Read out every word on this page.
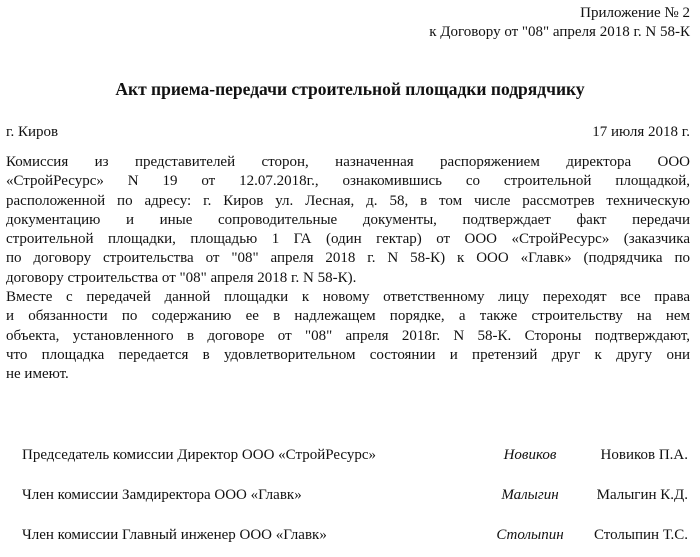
Приложение № 2
к Договору от "08" апреля 2018 г. N 58-К
Акт приема-передачи строительной площадки подрядчику
г. Киров	17 июля 2018 г.
Комиссия из представителей сторон, назначенная распоряжением директора ООО
«СтройРесурс» N 19 от 12.07.2018г., ознакомившись со строительной площадкой,
расположенной по адресу: г. Киров ул. Лесная, д. 58, в том числе рассмотрев техническую
документацию и иные сопроводительные документы, подтверждает факт передачи
строительной площадки, площадью 1 ГА (один гектар) от ООО «СтройРесурс» (заказчика
по договору строительства от "08" апреля 2018 г. N 58-К) к ООО «Главк» (подрядчика по
договору строительства от "08" апреля 2018 г. N 58-К).
Вместе с передачей данной площадки к новому ответственному лицу переходят все права
и обязанности по содержанию ее в надлежащем порядке, а также строительству на нем
объекта, установленного в договоре от "08" апреля 2018г. N 58-К. Стороны подтверждают,
что площадка передается в удовлетворительном состоянии и претензий друг к другу они
не имеют.
Председатель комиссии Директор ООО «СтройРесурс»	Новиков	Новиков П.А.
Член комиссии Замдиректора ООО «Главк»	Малыгин	Малыгин К.Д.
Член комиссии Главный инженер ООО «Главк»	Столыпин	Столыпин Т.С.
